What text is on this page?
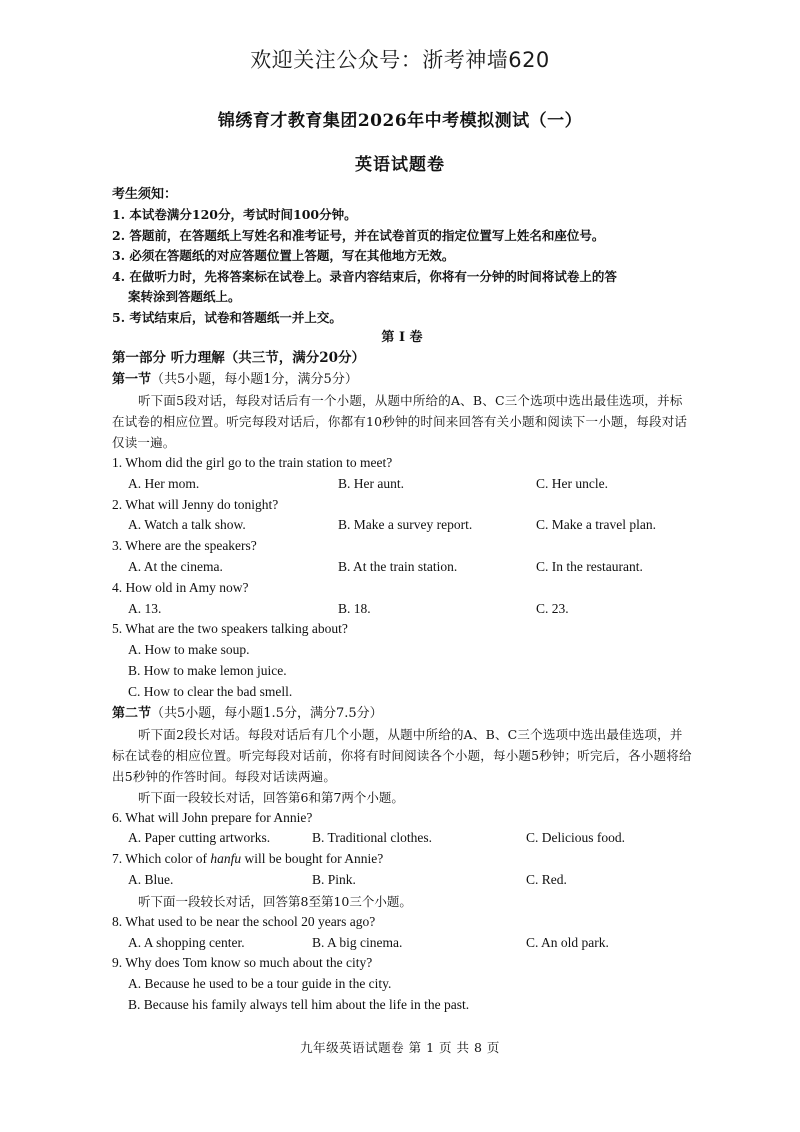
欢迎关注公众号：浙考神墙620
锦绣育才教育集团2026年中考模拟测试（一）
英语试题卷
考生须知：
1. 本试卷满分120分，考试时间100分钟。
2. 答题前，在答题纸上写姓名和准考证号，并在试卷首页的指定位置写上姓名和座位号。
3. 必须在答题纸的对应答题位置上答题，写在其他地方无效。
4. 在做听力时，先将答案标在试卷上。录音内容结束后，你将有一分钟的时间将试卷上的答
案转涂到答题纸上。
5. 考试结束后，试卷和答题纸一并上交。
第 I 卷
第一部分 听力理解（共三节，满分20分）
第一节（共5小题，每小题1分，满分5分）
听下面5段对话，每段对话后有一个小题，从题中所给的A、B、C三个选项中选出最佳选项，并标在试卷的相应位置。听完每段对话后，你都有10秒钟的时间来回答有关小题和阅读下一小题，每段对话仅读一遍。
1. Whom did the girl go to the train station to meet?
A. Her mom.	B. Her aunt.	C. Her uncle.
2. What will Jenny do tonight?
A. Watch a talk show.	B. Make a survey report.	C. Make a travel plan.
3. Where are the speakers?
A. At the cinema.	B. At the train station.	C. In the restaurant.
4. How old in Amy now?
A. 13.	B. 18.	C. 23.
5. What are the two speakers talking about?
A. How to make soup.
B. How to make lemon juice.
C. How to clear the bad smell.
第二节（共5小题，每小题1.5分，满分7.5分）
听下面2段长对话。每段对话后有几个小题，从题中所给的A、B、C三个选项中选出最佳选项，并标在试卷的相应位置。听完每段对话前，你将有时间阅读各个小题，每小题5秒钟；听完后，各小题将给出5秒钟的作答时间。每段对话读两遍。
听下面一段较长对话，回答第6和第7两个小题。
6. What will John prepare for Annie?
A. Paper cutting artworks.	B. Traditional clothes.	C. Delicious food.
7. Which color of hanfu will be bought for Annie?
A. Blue.	B. Pink.	C. Red.
听下面一段较长对话，回答第8至第10三个小题。
8. What used to be near the school 20 years ago?
A. A shopping center.	B. A big cinema.	C. An old park.
9. Why does Tom know so much about the city?
A. Because he used to be a tour guide in the city.
B. Because his family always tell him about the life in the past.
九年级英语试题卷 第 1 页 共 8 页
